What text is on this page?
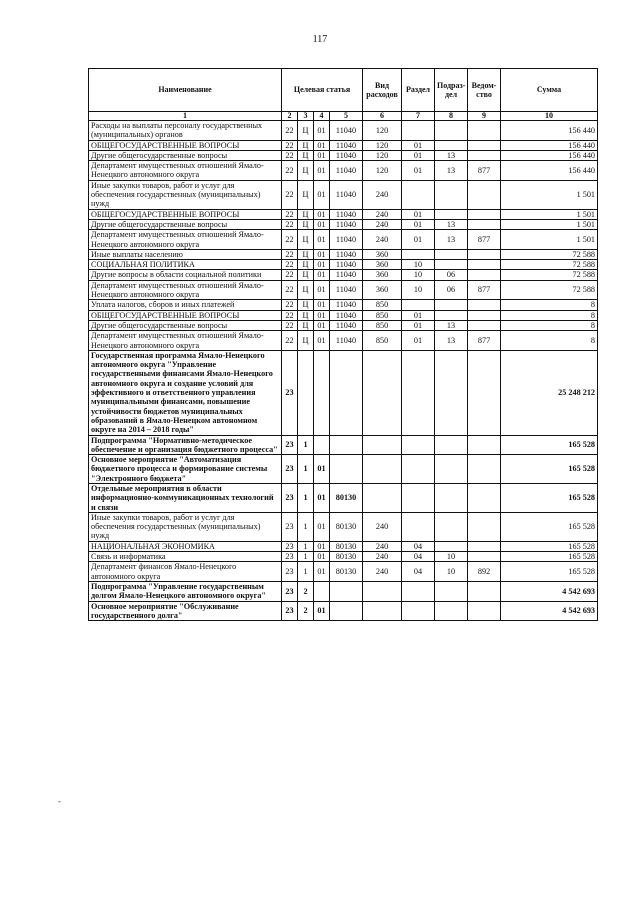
117
Наименование	Целевая статья				Вид расходов	Раздел	Подраз-дел	Ведом-ство	Сумма
1	2	3	4	5	6	7	8	9	10
Расходы на выплаты персоналу государственных (муниципальных) органов	22	Ц	01	11040	120				156 440
ОБЩЕГОСУДАРСТВЕННЫЕ ВОПРОСЫ	22	Ц	01	11040	120	01			156 440
Другие общегосударственные вопросы	22	Ц	01	11040	120	01	13		156 440
Департамент имущественных отношений Ямало-Ненецкого автономного округа	22	Ц	01	11040	120	01	13	877	156 440
Иные закупки товаров, работ и услуг для обеспечения государственных (муниципальных) нужд	22	Ц	01	11040	240				1 501
ОБЩЕГОСУДАРСТВЕННЫЕ ВОПРОСЫ	22	Ц	01	11040	240	01			1 501
Другие общегосударственные вопросы	22	Ц	01	11040	240	01	13		1 501
Департамент имущественных отношений Ямало-Ненецкого автономного округа	22	Ц	01	11040	240	01	13	877	1 501
Иные выплаты населению	22	Ц	01	11040	360				72 588
СОЦИАЛЬНАЯ ПОЛИТИКА	22	Ц	01	11040	360	10			72 588
Другие вопросы в области социальной политики	22	Ц	01	11040	360	10	06		72 588
Департамент имущественных отношений Ямало-Ненецкого автономного округа	22	Ц	01	11040	360	10	06	877	72 588
Уплата налогов, сборов и иных платежей	22	Ц	01	11040	850				8
ОБЩЕГОСУДАРСТВЕННЫЕ ВОПРОСЫ	22	Ц	01	11040	850	01			8
Другие общегосударственные вопросы	22	Ц	01	11040	850	01	13		8
Департамент имущественных отношений Ямало-Ненецкого автономного округа	22	Ц	01	11040	850	01	13	877	8
Государственная программа Ямало-Ненецкого автономного округа "Управление государственными финансами Ямало-Ненецкого автономного округа и создание условий для эффективного и ответственного управления муниципальными финансами, повышение устойчивости бюджетов муниципальных образований в Ямало-Ненецком автономном округе на 2014 – 2018 годы"	23								25 248 212
Подпрограмма "Нормативно-методическое обеспечение и организация бюджетного процесса"	23	1							165 528
Основное мероприятие "Автоматизация бюджетного процесса и формирование системы "Электронного бюджета"	23	1	01						165 528
Отдельные мероприятия в области информационно-коммуникационных технологий и связи	23	1	01	80130					165 528
Иные закупки товаров, работ и услуг для обеспечения государственных (муниципальных) нужд	23	1	01	80130	240				165 528
НАЦИОНАЛЬНАЯ ЭКОНОМИКА	23	1	01	80130	240	04			165 528
Связь и информатика	23	1	01	80130	240	04	10		165 528
Департамент финансов Ямало-Ненецкого автономного округа	23	1	01	80130	240	04	10	892	165 528
Подпрограмма "Управление государственным долгом Ямало-Ненецкого автономного округа"	23	2							4 542 693
Основное мероприятие "Обслуживание государственного долга"	23	2	01						4 542 693
-
